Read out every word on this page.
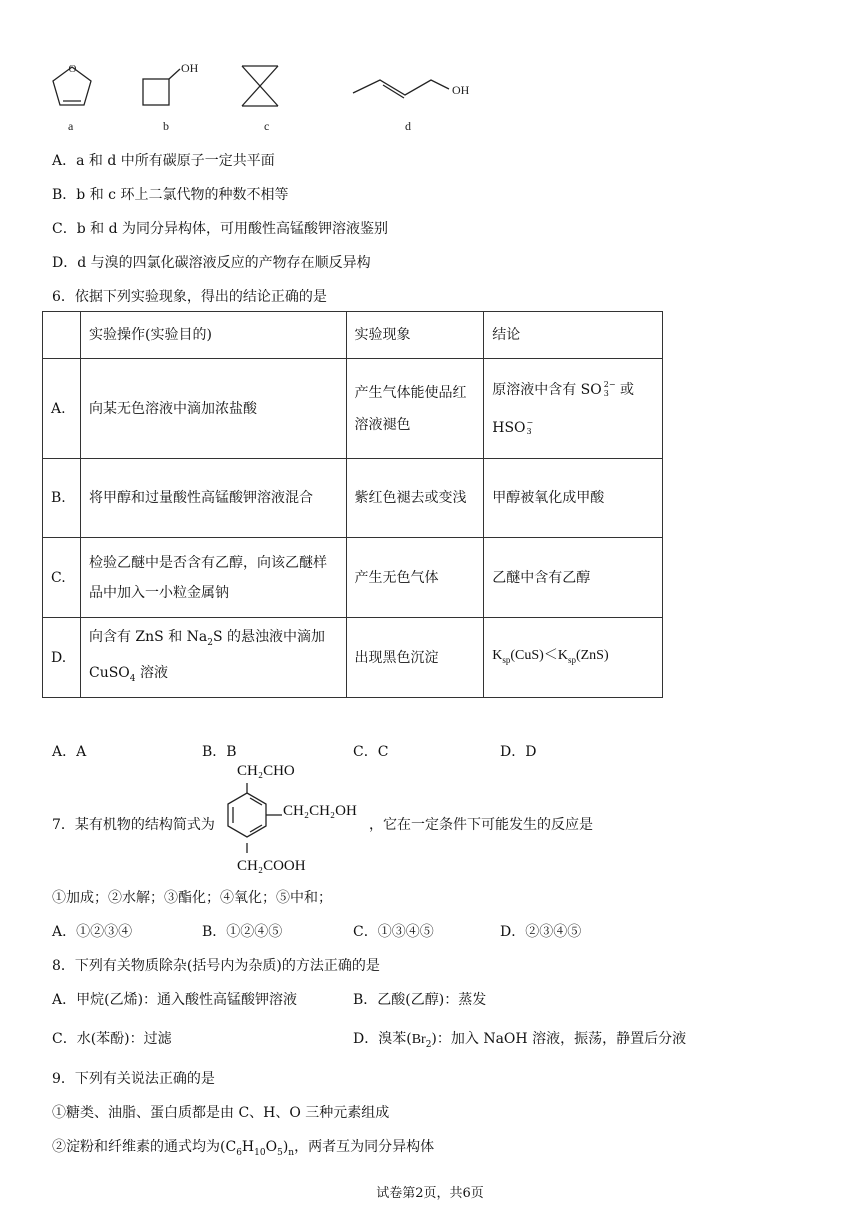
O	OH
OH
a	b	c	d
A．a 和 d 中所有碳原子一定共平面
B．b 和 c 环上二氯代物的种数不相等
C．b 和 d 为同分异构体，可用酸性高锰酸钾溶液鉴别
D．d 与溴的四氯化碳溶液反应的产物存在顺反异构
6．依据下列实验现象，得出的结论正确的是
	实验操作(实验目的)	实验现象	结论
A.	向某无色溶液中滴加浓盐酸	产生气体能使品红溶液褪色	原溶液中含有 SO 2−
3 或
HSO−
3

B.	将甲醇和过量酸性高锰酸钾溶液混合	紫红色褪去或变浅	甲醇被氧化成甲酸
C.	检验乙醚中是否含有乙醇，向该乙醚样品中加入一小粒金属钠	产生无色气体	乙醚中含有乙醇
D.	向含有 ZnS 和 $Na_2S$ 的悬浊液中滴加 CuSO$_4$ 溶液	出现黑色沉淀	$K_{sp}(CuS)<K_{sp}(ZnS)$
A．A	B．B	C．C	D．D
7．某有机物的结构简式为
CH₂CHO
CH₂CH₂OH
CH₂COOH
，它在一定条件下可能发生的反应是
①加成；②水解；③酯化；④氧化；⑤中和；
A．①②③④	B．①②④⑤	C．①③④⑤	D．②③④⑤
8．下列有关物质除杂(括号内为杂质)的方法正确的是
A．甲烷(乙烯)：通入酸性高锰酸钾溶液	B．乙酸(乙醇)：蒸发
C．水(苯酚)：过滤	D．溴苯$(Br_2)$：加入 NaOH 溶液，振荡，静置后分液
9．下列有关说法正确的是
①糖类、油脂、蛋白质都是由 C、H、O 三种元素组成
②淀粉和纤维素的通式均为$(C_6H_{10}O_5)_n$，两者互为同分异构体
试卷第2页，共6页
